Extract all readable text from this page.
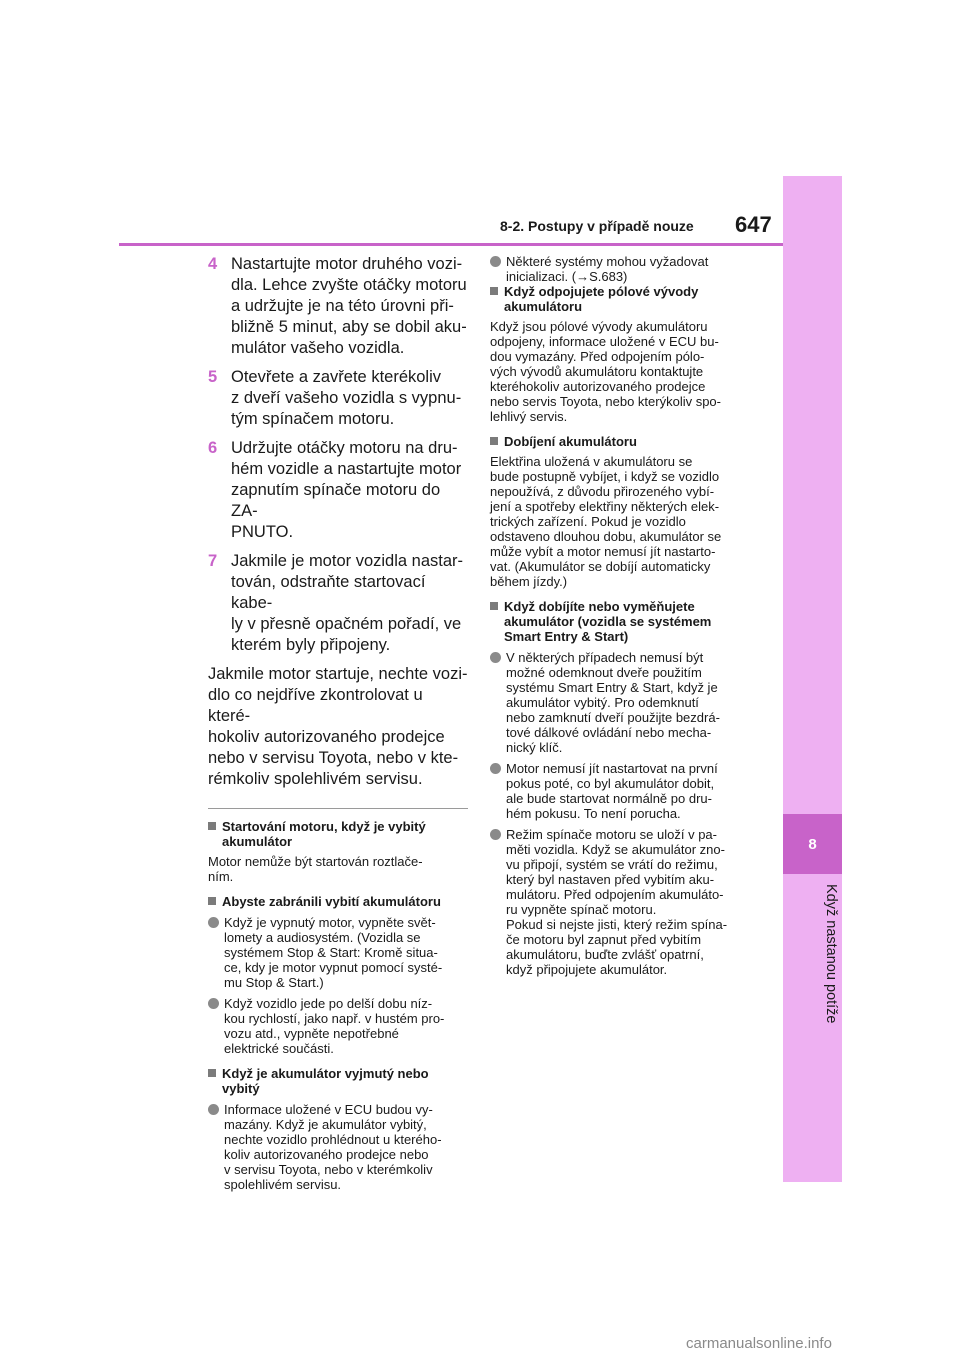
8
Když nastanou potíže
8-2. Postupy v případě nouze 647
4 Nastartujte motor druhého vozi-
dla. Lehce zvyšte otáčky motoru
a udržujte je na této úrovni při-
bližně 5 minut, aby se dobil aku-
mulátor vašeho vozidla.
5 Otevřete a zavřete kterékoliv
z dveří vašeho vozidla s vypnu-
tým spínačem motoru.
6 Udržujte otáčky motoru na dru-
hém vozidle a nastartujte motor
zapnutím spínače motoru do ZA-
PNUTO.
7 Jakmile je motor vozidla nastar-
tován, odstraňte startovací kabe-
ly v přesně opačném pořadí, ve
kterém byly připojeny.
Jakmile motor startuje, nechte vozi-
dlo co nejdříve zkontrolovat u které-
hokoliv autorizovaného prodejce
nebo v servisu Toyota, nebo v kte-
rémkoliv spolehlivém servisu.
Startování motoru, když je vybitý
akumulátor
Motor nemůže být startován roztlače-
ním.
Abyste zabránili vybití akumulátoru
Když je vypnutý motor, vypněte svět-
lomety a audiosystém. (Vozidla se
systémem Stop & Start: Kromě situa-
ce, kdy je motor vypnut pomocí systé-
mu Stop & Start.)
Když vozidlo jede po delší dobu níz-
kou rychlostí, jako např. v hustém pro-
vozu atd., vypněte nepotřebné
elektrické součásti.
Když je akumulátor vyjmutý nebo
vybitý
Informace uložené v ECU budou vy-
mazány. Když je akumulátor vybitý,
nechte vozidlo prohlédnout u kterého-
koliv autorizovaného prodejce nebo
v servisu Toyota, nebo v kterémkoliv
spolehlivém servisu.
Některé systémy mohou vyžadovat
inicializaci. (→S.683)
Když odpojujete pólové vývody
akumulátoru
Když jsou pólové vývody akumulátoru
odpojeny, informace uložené v ECU bu-
dou vymazány. Před odpojením pólo-
vých vývodů akumulátoru kontaktujte
kteréhokoliv autorizovaného prodejce
nebo servis Toyota, nebo kterýkoliv spo-
lehlivý servis.
Dobíjení akumulátoru
Elektřina uložená v akumulátoru se
bude postupně vybíjet, i když se vozidlo
nepoužívá, z důvodu přirozeného vybí-
jení a spotřeby elektřiny některých elek-
trických zařízení. Pokud je vozidlo
odstaveno dlouhou dobu, akumulátor se
může vybít a motor nemusí jít nastarto-
vat. (Akumulátor se dobíjí automaticky
během jízdy.)
Když dobíjíte nebo vyměňujete
akumulátor (vozidla se systémem
Smart Entry & Start)
V některých případech nemusí být
možné odemknout dveře použitím
systému Smart Entry & Start, když je
akumulátor vybitý. Pro odemknutí
nebo zamknutí dveří použijte bezdrá-
tové dálkové ovládání nebo mecha-
nický klíč.
Motor nemusí jít nastartovat na první
pokus poté, co byl akumulátor dobit,
ale bude startovat normálně po dru-
hém pokusu. To není porucha.
Režim spínače motoru se uloží v pa-
měti vozidla. Když se akumulátor zno-
vu připojí, systém se vrátí do režimu,
který byl nastaven před vybitím aku-
mulátoru. Před odpojením akumuláto-
ru vypněte spínač motoru.
Pokud si nejste jisti, který režim spína-
če motoru byl zapnut před vybitím
akumulátoru, buďte zvlášť opatrní,
když připojujete akumulátor.
carmanualsonline.info
